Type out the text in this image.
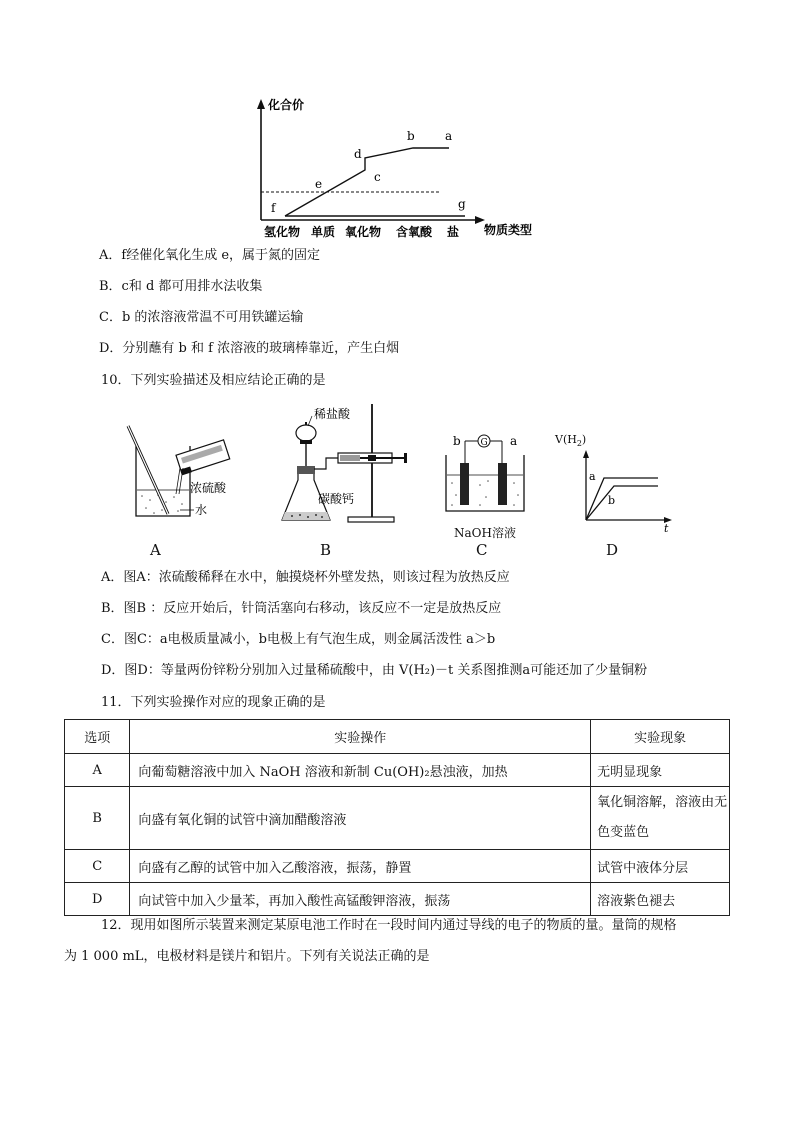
化合价
f
e	c
d
b	a
g
氢化物 单质 氧化物 含氧酸 盐 物质类型
A．f经催化氧化生成 e，属于氮的固定
B．c和 d 都可用排水法收集
C．b 的浓溶液常温不可用铁罐运输
D．分别蘸有 b 和 f 浓溶液的玻璃棒靠近，产生白烟
10．下列实验描述及相应结论正确的是
浓硫酸
水
A
稀盐酸
碳酸钙
B
G
b	a
NaOH溶液
C
$V(H_2)$
a
b
t
D
A．图A：浓硫酸稀释在水中，触摸烧杯外壁发热，则该过程为放热反应
B．图B ：反应开始后，针筒活塞向右移动，该反应不一定是放热反应
C．图C：a电极质量减小，b电极上有气泡生成，则金属活泼性 a＞b
D．图D：等量两份锌粉分别加入过量稀硫酸中，由 V(H₂)－t 关系图推测a可能还加了少量铜粉
11．下列实验操作对应的现象正确的是
选项	实验操作	实验现象
A	向葡萄糖溶液中加入 NaOH 溶液和新制 Cu(OH)₂悬浊液，加热	无明显现象
B	向盛有氧化铜的试管中滴加醋酸溶液	氧化铜溶解，溶液由无色变蓝色
C	向盛有乙醇的试管中加入乙酸溶液，振荡，静置	试管中液体分层
D	向试管中加入少量苯，再加入酸性高锰酸钾溶液，振荡	溶液紫色褪去
12．现用如图所示装置来测定某原电池工作时在一段时间内通过导线的电子的物质的量。量筒的规格
为 1 000 mL，电极材料是镁片和铝片。下列有关说法正确的是
